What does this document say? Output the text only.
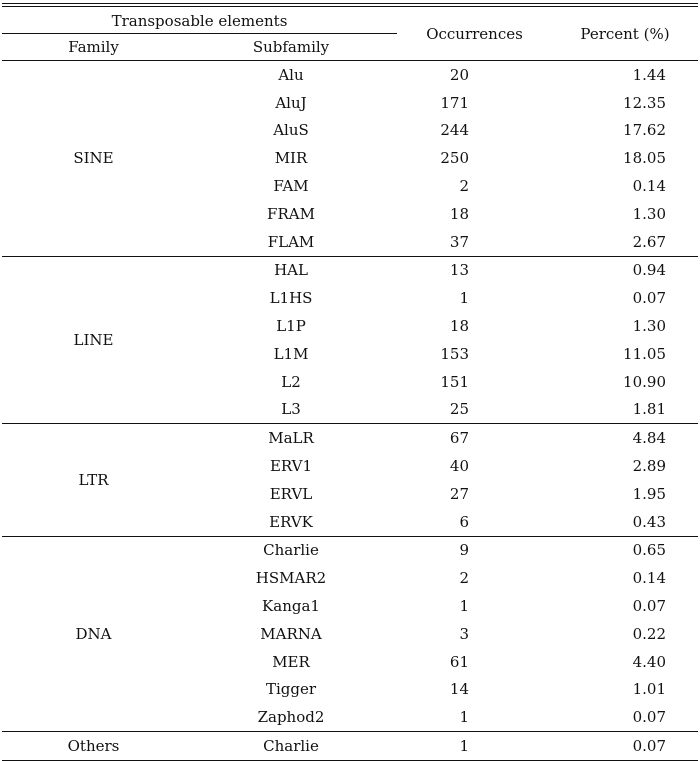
Transposable elements		Occurrences	Percent (%)
Family	Subfamily		
SINE	Alu	20	1.44
	AluJ	171	12.35
	AluS	244	17.62
	MIR	250	18.05
	FAM	2	0.14
	FRAM	18	1.30
	FLAM	37	2.67
LINE	HAL	13	0.94
	L1HS	1	0.07
	L1P	18	1.30
	L1M	153	11.05
	L2	151	10.90
	L3	25	1.81
LTR	MaLR	67	4.84
	ERV1	40	2.89
	ERVL	27	1.95
	ERVK	6	0.43
DNA	Charlie	9	0.65
	HSMAR2	2	0.14
	Kanga1	1	0.07
	MARNA	3	0.22
	MER	61	4.40
	Tigger	14	1.01
	Zaphod2	1	0.07
Others	Charlie	1	0.07
